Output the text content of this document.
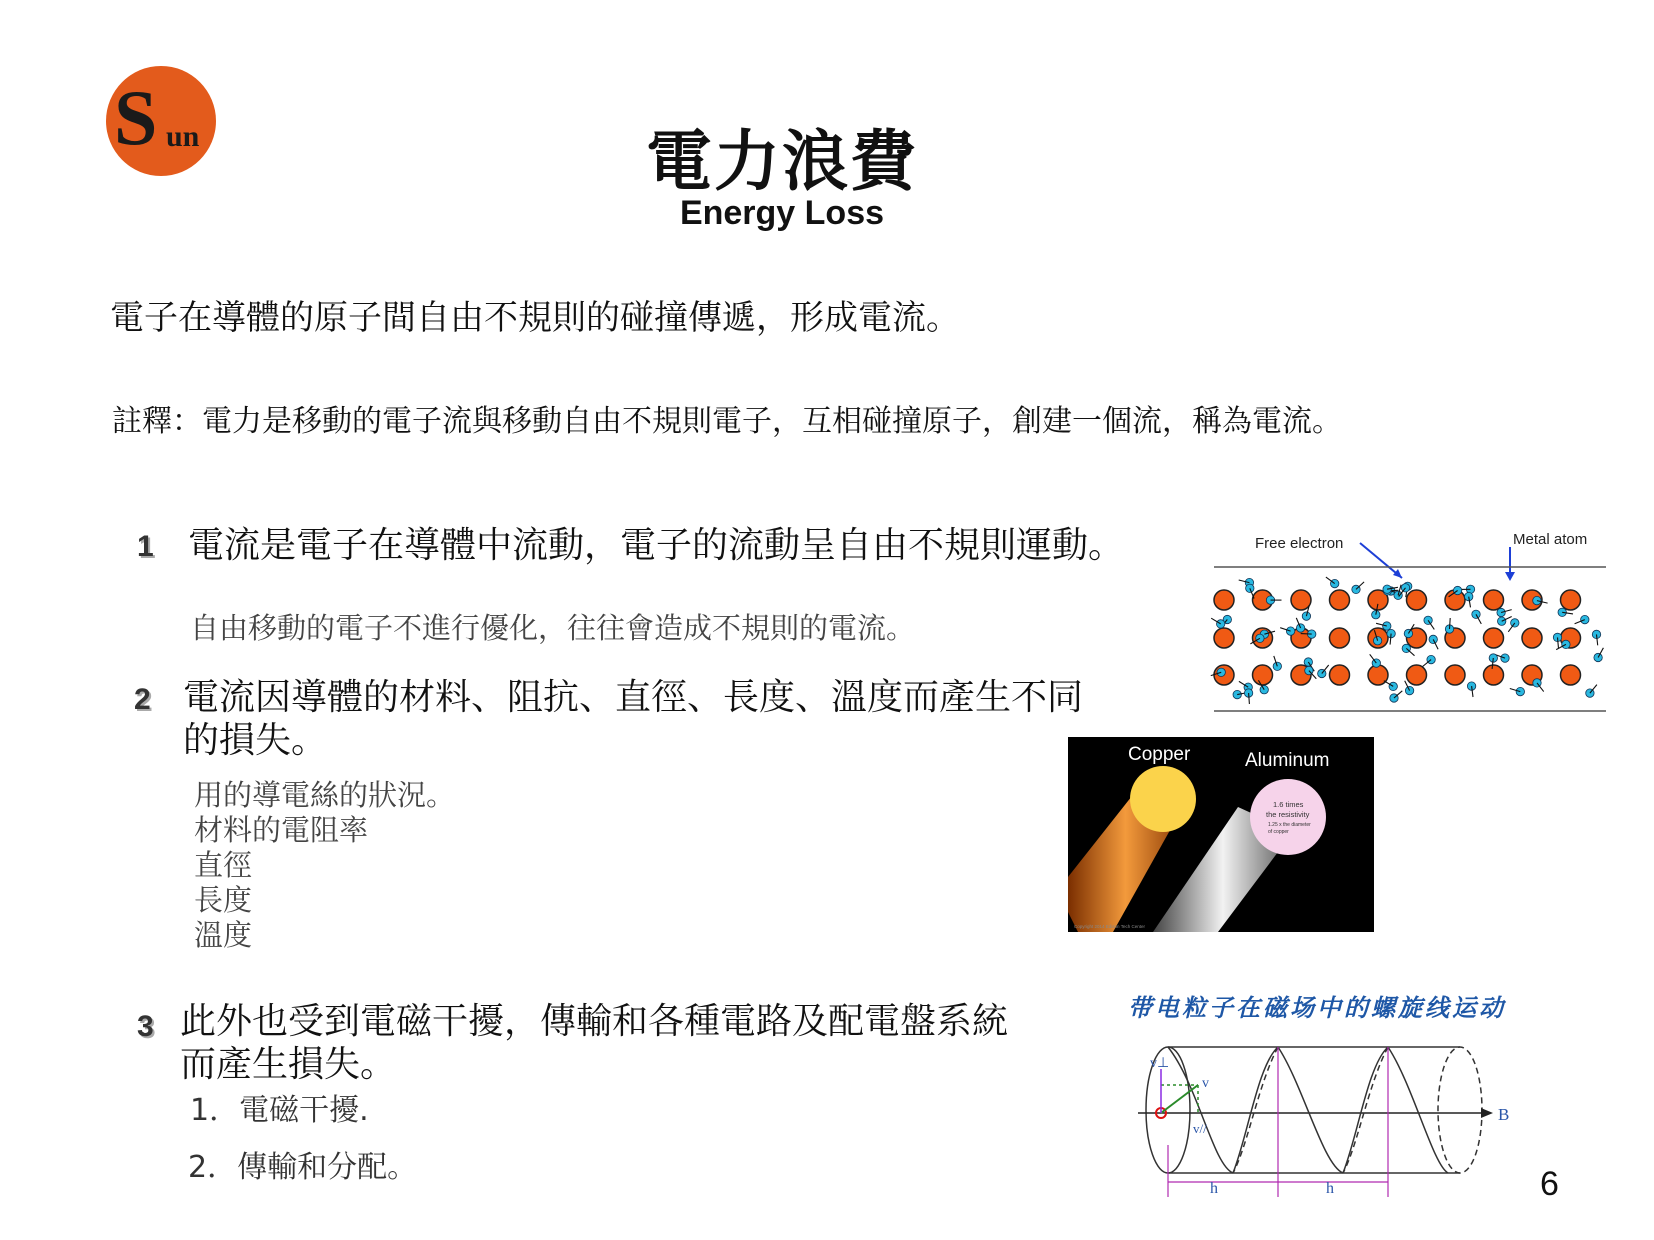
S un	電力浪費
Energy Loss
電子在導體的原子間自由不規則的碰撞傳遞，形成電流。
註釋：電力是移動的電子流與移動自由不規則電子，互相碰撞原子，創建一個流，稱為電流。
1 電流是電子在導體中流動，電子的流動呈自由不規則運動。
自由移動的電子不進行優化，往往會造成不規則的電流。
2 電流因導體的材料、阻抗、直徑、長度、溫度而產生不同的損失。
用的導電絲的狀況。
材料的電阻率
直徑
長度
溫度
3 此外也受到電磁干擾，傳輸和各種電路及配電盤系統而產生損失。
1．電磁干擾.
2．傳輸和分配。
Free electron	Metal atom
Copper	Aluminum
1.6 times
the resistivity
1.25 x the diameter
of copper
Copyright 2014 Edison Tech Center
带电粒子在磁场中的螺旋线运动
B
v⊥
v
v//
h	h	6
